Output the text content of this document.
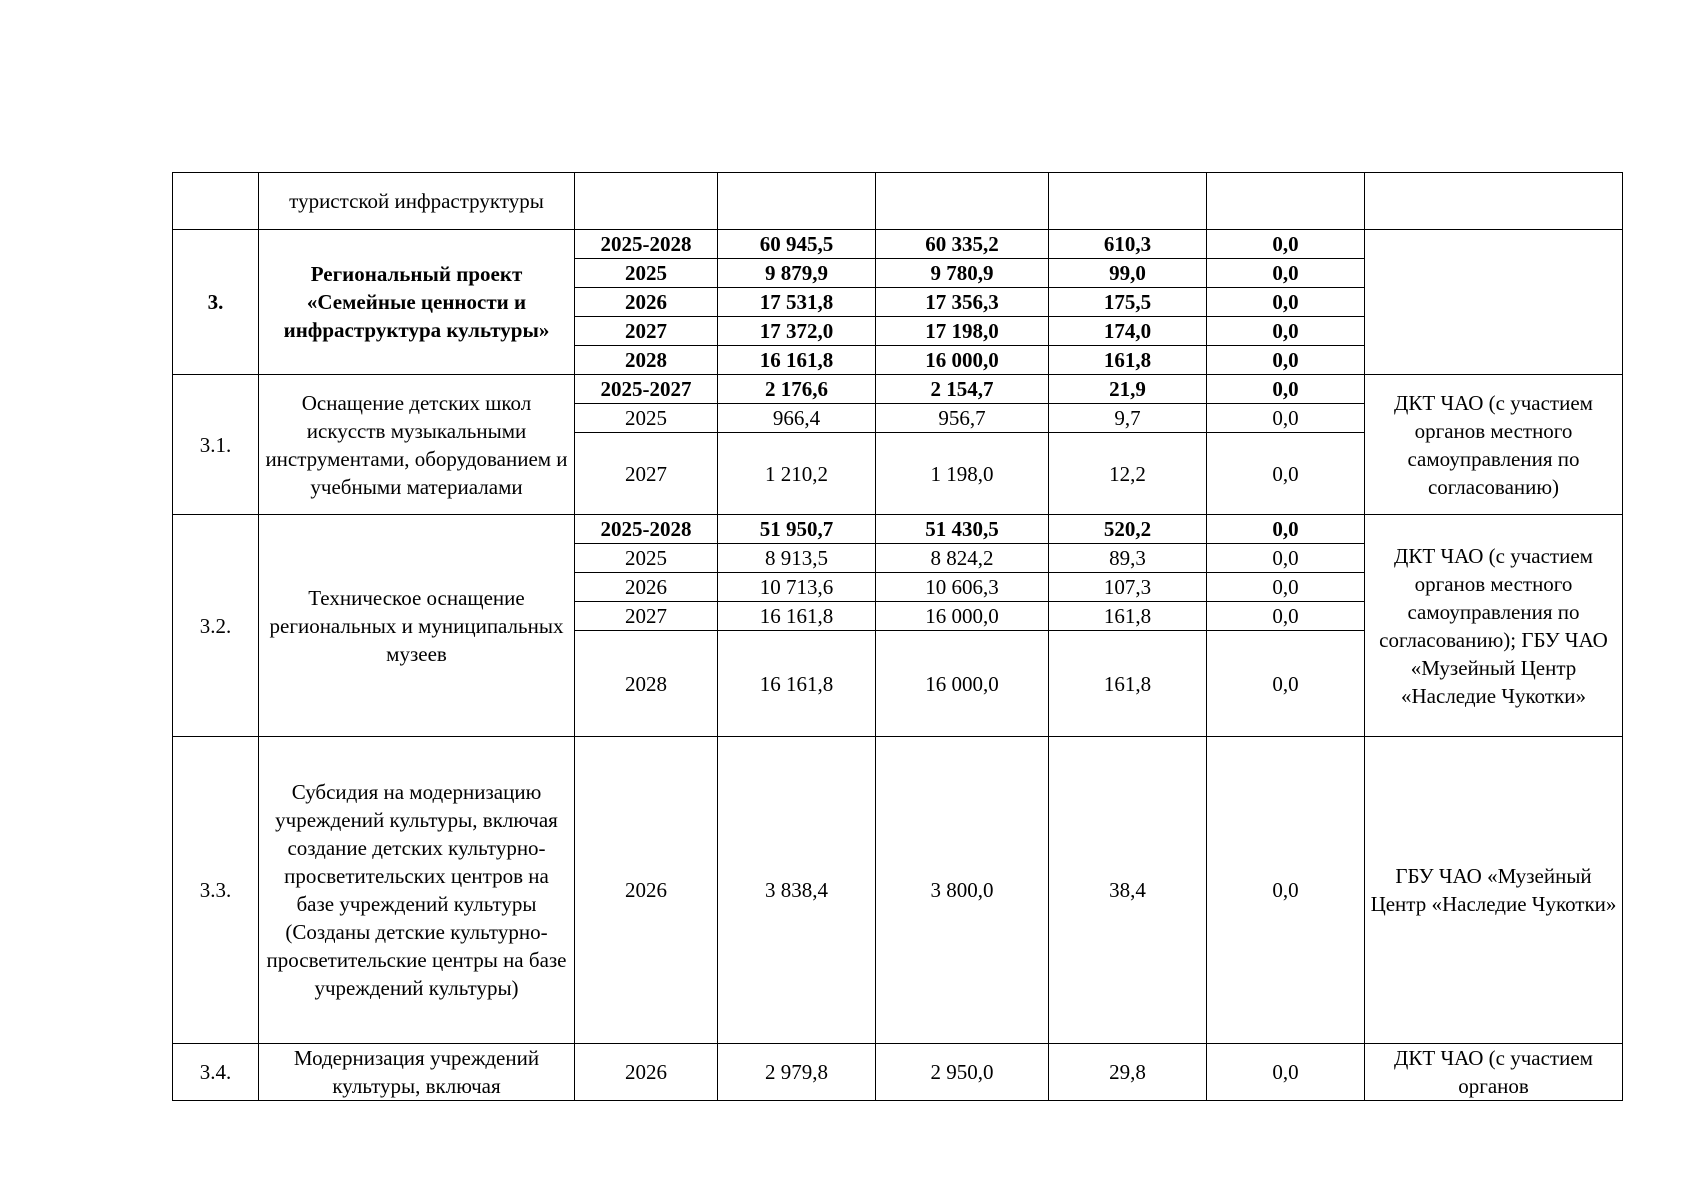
	туристской инфраструктуры						
3.	Региональный проект «Семейные ценности и инфраструктура культуры»	2025-2028	60 945,5	60 335,2	610,3	0,0	
		2025	9 879,9	9 780,9	99,0	0,0	
		2026	17 531,8	17 356,3	175,5	0,0	
		2027	17 372,0	17 198,0	174,0	0,0	
		2028	16 161,8	16 000,0	161,8	0,0	
3.1.	Оснащение детских школ искусств музыкальными инструментами, оборудованием и учебными материалами	2025-2027	2 176,6	2 154,7	21,9	0,0	ДКТ ЧАО (с участием органов местного самоуправления по согласованию)
		2025	966,4	956,7	9,7	0,0	
		2027	1 210,2	1 198,0	12,2	0,0	
3.2.	Техническое оснащение региональных и муниципальных музеев	2025-2028	51 950,7	51 430,5	520,2	0,0	ДКТ ЧАО (с участием органов местного самоуправления по согласованию); ГБУ ЧАО «Музейный Центр «Наследие Чукотки»
		2025	8 913,5	8 824,2	89,3	0,0	
		2026	10 713,6	10 606,3	107,3	0,0	
		2027	16 161,8	16 000,0	161,8	0,0	
		2028	16 161,8	16 000,0	161,8	0,0	
3.3.	Субсидия на модернизацию учреждений культуры, включая создание детских культурно-просветительских центров на базе учреждений культуры (Созданы детские культурно-просветительские центры на базе учреждений культуры)	2026	3 838,4	3 800,0	38,4	0,0	ГБУ ЧАО «Музейный Центр «Наследие Чукотки»
3.4.	Модернизация учреждений культуры, включая	2026	2 979,8	2 950,0	29,8	0,0	ДКТ ЧАО (с участием органов
